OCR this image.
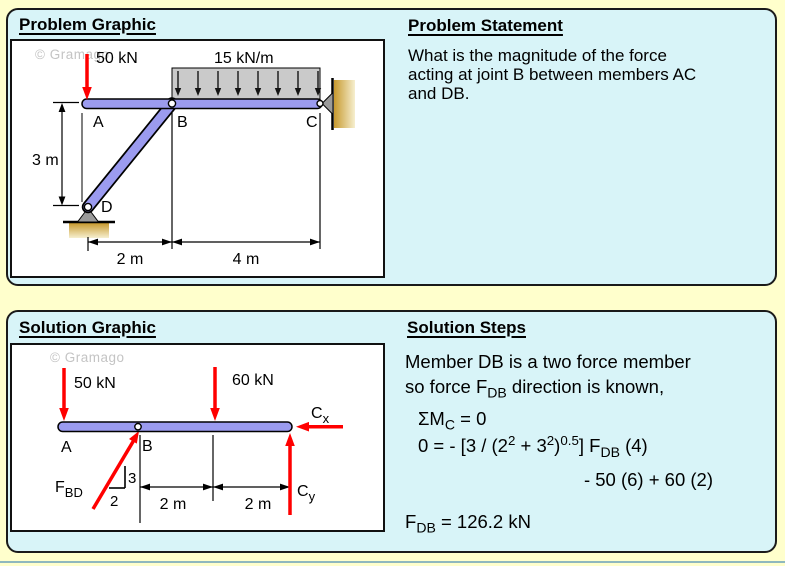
Problem Graphic	Problem Statement
© Gramago	15 kN/m
3 m
2 m	4 m
50 kN
A	B	C
D

What is the magnitude of the force
acting at joint B between members AC
and DB.

Solution Graphic	Solution Steps
© Gramago
2 m	2 m
3
2
$F_{BD}$
50 kN	60 kN
$C_x$
$C_y$
A	B

Member DB is a two force member

so force $F_{DB}$ direction is known,

$\Sigma M_C = 0$

0 = - $[3 / (2^2 + 3^2)^{0.5}]$ $F_{DB}$ (4)

- 50 (6) + 60 (2)

$F_{DB} = 126.2$ kN
